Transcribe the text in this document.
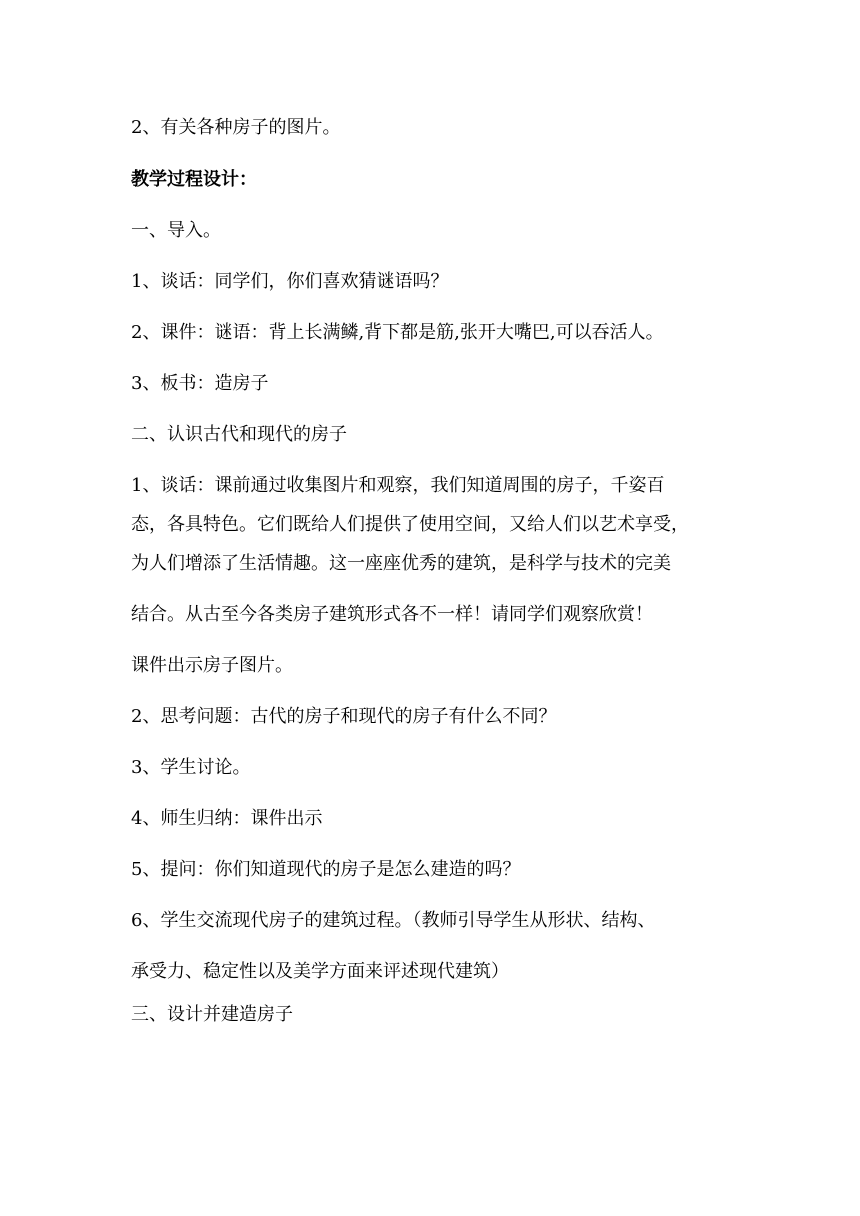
2、有关各种房子的图片。
教学过程设计：
一、导入。
1、谈话：同学们，你们喜欢猜谜语吗？
2、课件：谜语：背上长满鳞,背下都是筋,张开大嘴巴,可以吞活人。
3、板书：造房子
二、认识古代和现代的房子
1、谈话：课前通过收集图片和观察，我们知道周围的房子，千姿百
态，各具特色。它们既给人们提供了使用空间，又给人们以艺术享受，
为人们增添了生活情趣。这一座座优秀的建筑，是科学与技术的完美
结合。从古至今各类房子建筑形式各不一样！请同学们观察欣赏！
课件出示房子图片。
2、思考问题：古代的房子和现代的房子有什么不同？
3、学生讨论。
4、师生归纳：课件出示
5、提问：你们知道现代的房子是怎么建造的吗？
6、学生交流现代房子的建筑过程。（教师引导学生从形状、结构、
承受力、稳定性以及美学方面来评述现代建筑）
三、设计并建造房子
